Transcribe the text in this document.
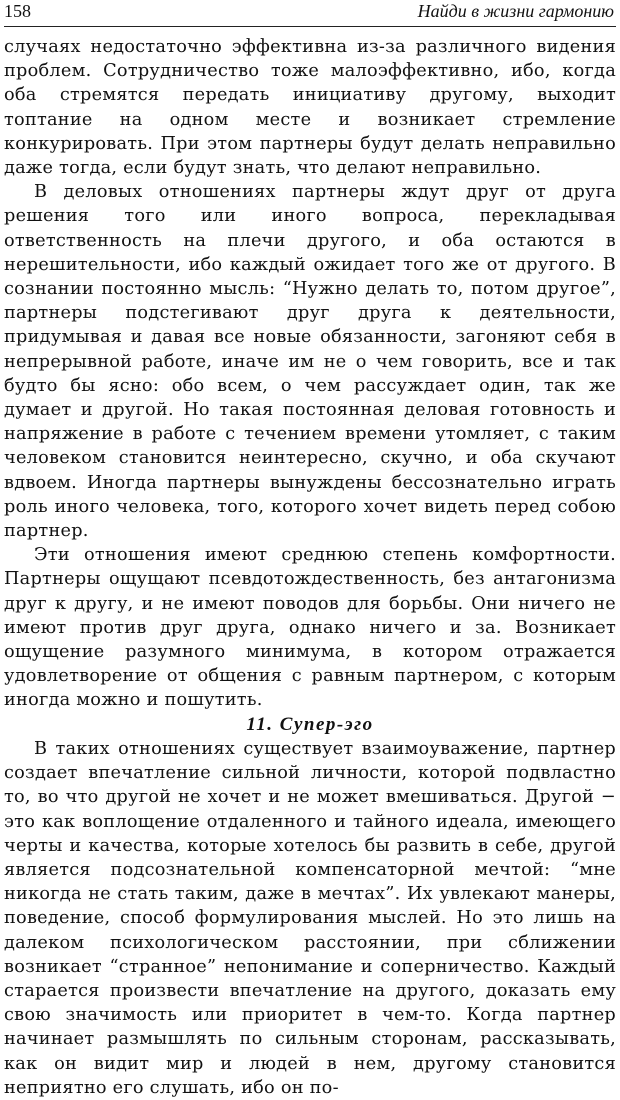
158	Найди в жизни гармонию

случаях недостаточно эффективна из-за различного видения проблем. Сотрудничество тоже малоэффективно, ибо, когда оба стремятся передать инициативу другому, выходит топтание на одном месте и возникает стремление конкурировать. При этом партнеры будут делать неправильно даже тогда, если будут знать, что делают неправильно.

В деловых отношениях партнеры ждут друг от друга решения того или иного вопроса, перекладывая ответственность на плечи другого, и оба остаются в нерешительности, ибо каждый ожидает того же от другого. В сознании постоянно мысль: “Нужно делать то, потом другое”, партнеры подстегивают друг друга к деятельности, придумывая и давая все новые обязанности, загоняют себя в непрерывной работе, иначе им не о чем говорить, все и так будто бы ясно: обо всем, о чем рассуждает один, так же думает и другой. Но такая постоянная деловая готовность и напряжение в работе с течением времени утомляет, с таким человеком становится неинтересно, скучно, и оба скучают вдвоем. Иногда партнеры вынуждены бессознательно играть роль иного человека, того, которого хочет видеть перед собою партнер.

Эти отношения имеют среднюю степень комфортности. Партнеры ощущают псевдотождественность, без антагонизма друг к другу, и не имеют поводов для борьбы. Они ничего не имеют против друг друга, однако ничего и за. Возникает ощущение разумного минимума, в котором отражается удовлетворение от общения с равным партнером, с которым иногда можно и пошутить.

11. Супер-эго

В таких отношениях существует взаимоуважение, партнер создает впечатление сильной личности, которой подвластно то, во что другой не хочет и не может вмешиваться. Другой − это как воплощение отдаленного и тайного идеала, имеющего черты и качества, которые хотелось бы развить в себе, другой является подсознательной компенсаторной мечтой: “мне никогда не стать таким, даже в мечтах”. Их увлекают манеры, поведение, способ формулирования мыслей. Но это лишь на далеком психологическом расстоянии, при сближении возникает “странное” непонимание и соперничество. Каждый старается произвести впечатление на другого, доказать ему свою значимость или приоритет в чем-то. Когда партнер начинает размышлять по сильным сторонам, рассказывать, как он видит мир и людей в нем, другому становится неприятно его слушать, ибо он по-
